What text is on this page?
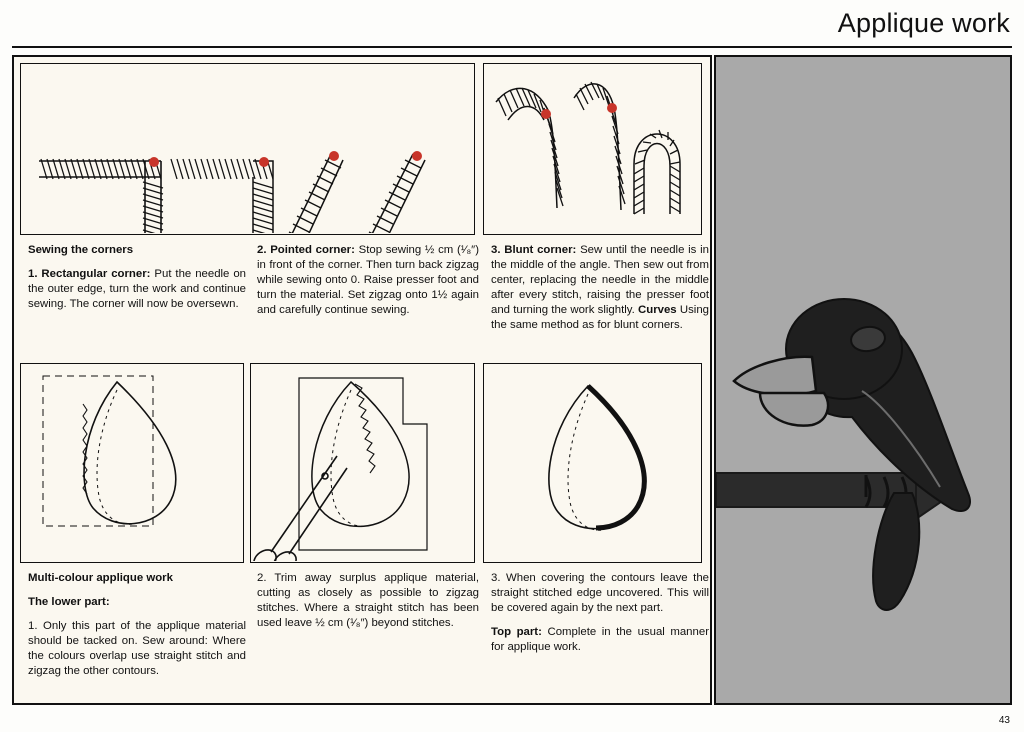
Applique work

Sewing the corners

1. Rectangular corner: Put the needle on the outer edge, turn the work and continue sewing. The corner will now be oversewn.

2. Pointed corner: Stop sewing ½ cm (¹⁄₈″) in front of the corner. Then turn back zigzag while sewing onto 0. Raise presser foot and turn the material. Set zigzag onto 1½ again and carefully continue sewing.

3. Blunt corner: Sew until the needle is in the middle of the angle. Then sew out from center, replacing the needle in the middle after every stitch, raising the presser foot and turning the work slightly. Curves Using the same method as for blunt corners.

Multi-colour applique work

The lower part:

1. Only this part of the applique material should be tacked on. Sew around: Where the colours overlap use straight stitch and zigzag the other contours.

2. Trim away surplus applique material, cutting as closely as possible to zigzag stitches. Where a straight stitch has been used leave ½ cm (¹⁄₈″) beyond stitches.

3. When covering the contours leave the straight stitched edge uncovered. This will be covered again by the next part.

Top part: Complete in the usual manner for applique work.

43
